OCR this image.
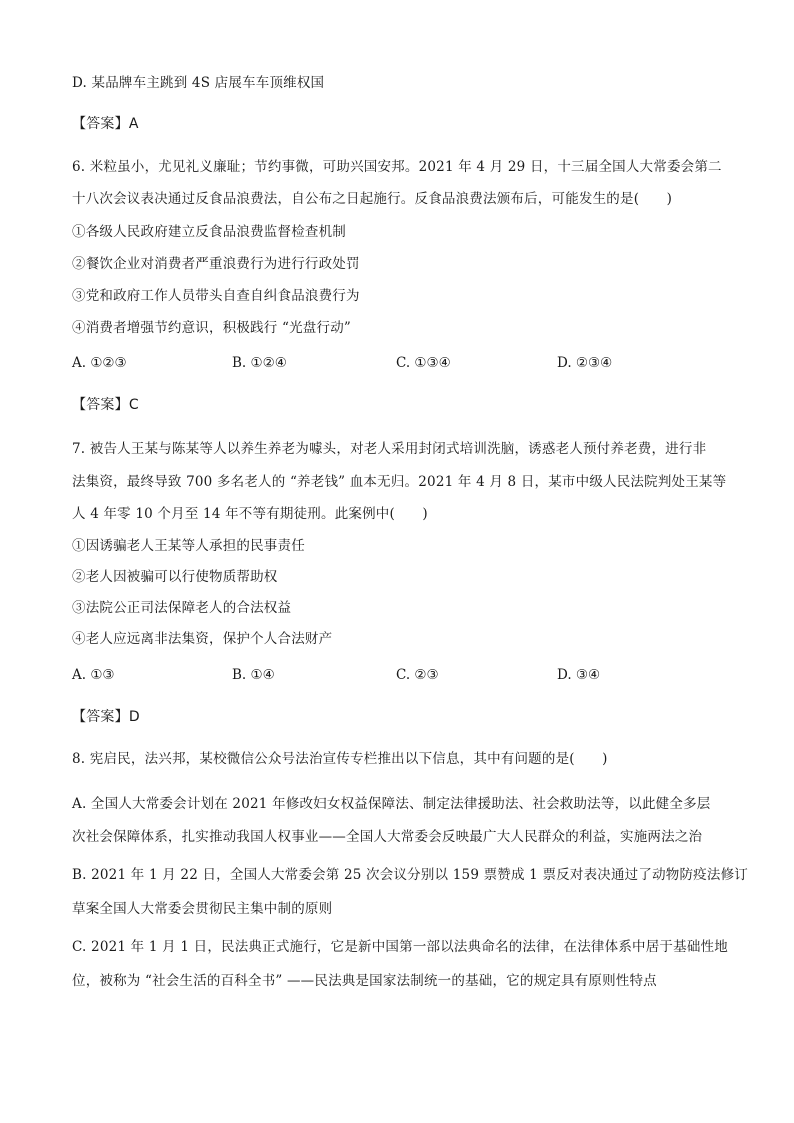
D. 某品牌车主跳到 4S 店展车车顶维权国
【答案】A
6. 米粒虽小，尤见礼义廉耻；节约事微，可助兴国安邦。2021 年 4 月 29 日，十三届全国人大常委会第二
十八次会议表决通过反食品浪费法，自公布之日起施行。反食品浪费法颁布后，可能发生的是(　　)
①各级人民政府建立反食品浪费监督检查机制
②餐饮企业对消费者严重浪费行为进行行政处罚
③党和政府工作人员带头自查自纠食品浪费行为
④消费者增强节约意识，积极践行 “光盘行动”
A. ①②③	B. ①②④	C. ①③④	D. ②③④
【答案】C
7. 被告人王某与陈某等人以养生养老为噱头，对老人采用封闭式培训洗脑，诱惑老人预付养老费，进行非
法集资，最终导致 700 多名老人的 “养老钱” 血本无归。2021 年 4 月 8 日，某市中级人民法院判处王某等
人 4 年零 10 个月至 14 年不等有期徒刑。此案例中(　　)
①因诱骗老人王某等人承担的民事责任
②老人因被骗可以行使物质帮助权
③法院公正司法保障老人的合法权益
④老人应远离非法集资，保护个人合法财产
A. ①③	B. ①④	C. ②③	D. ③④
【答案】D
8. 宪启民，法兴邦，某校微信公众号法治宣传专栏推出以下信息，其中有问题的是(　　)
A. 全国人大常委会计划在 2021 年修改妇女权益保障法、制定法律援助法、社会救助法等，以此健全多层
次社会保障体系，扎实推动我国人权事业——全国人大常委会反映最广大人民群众的利益，实施两法之治
B. 2021 年 1 月 22 日，全国人大常委会第 25 次会议分别以 159 票赞成 1 票反对表决通过了动物防疫法修订
草案全国人大常委会贯彻民主集中制的原则
C. 2021 年 1 月 1 日，民法典正式施行，它是新中国第一部以法典命名的法律，在法律体系中居于基础性地
位，被称为 “社会生活的百科全书” ——民法典是国家法制统一的基础，它的规定具有原则性特点
